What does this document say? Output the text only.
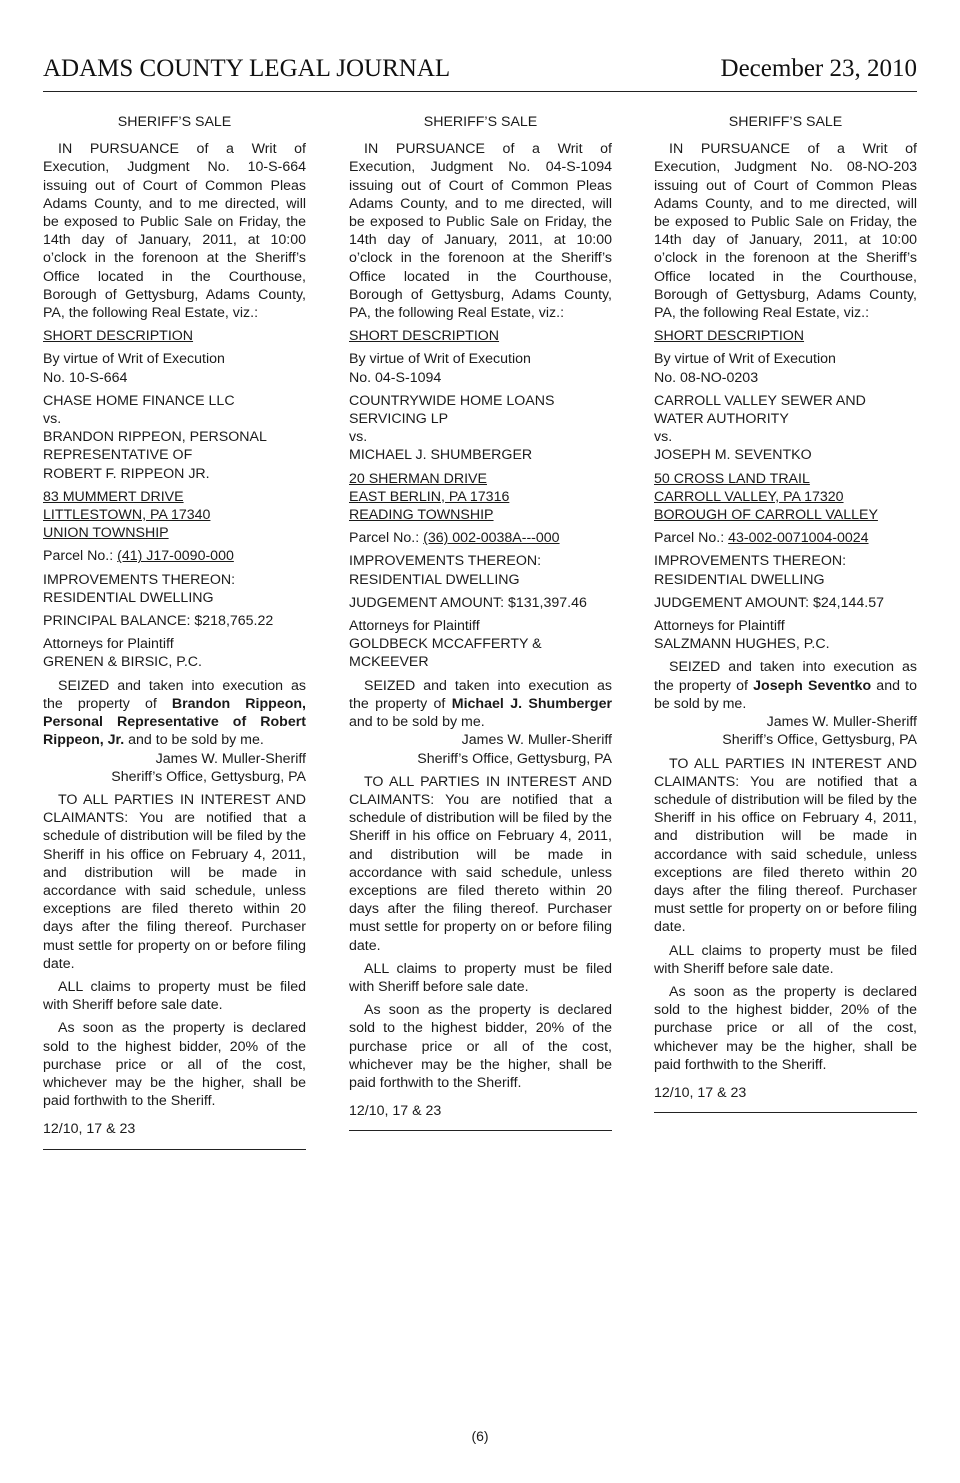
ADAMS COUNTY LEGAL JOURNAL	December 23, 2010

SHERIFF’S SALE

IN PURSUANCE of a Writ of Execution, Judgment No. 10-S-664 issuing out of Court of Common Pleas Adams County, and to me directed, will be exposed to Public Sale on Friday, the 14th day of January, 2011, at 10:00 o’clock in the forenoon at the Sheriff’s Office located in the Courthouse, Borough of Gettysburg, Adams County, PA, the following Real Estate, viz.:

SHORT DESCRIPTION

By virtue of Writ of Execution

No. 10-S-664

CHASE HOME FINANCE LLC

vs.

BRANDON RIPPEON, PERSONAL

REPRESENTATIVE OF

ROBERT F. RIPPEON JR.

83 MUMMERT DRIVE

LITTLESTOWN, PA 17340

UNION TOWNSHIP

Parcel No.: (41) J17-0090-000

IMPROVEMENTS THEREON:

RESIDENTIAL DWELLING

PRINCIPAL BALANCE: $218,765.22

Attorneys for Plaintiff

GRENEN & BIRSIC, P.C.

SEIZED and taken into execution as the property of Brandon Rippeon, Personal Representative of Robert Rippeon, Jr. and to be sold by me.

James W. Muller-Sheriff

Sheriff’s Office, Gettysburg, PA

TO ALL PARTIES IN INTEREST AND CLAIMANTS: You are notified that a schedule of distribution will be filed by the Sheriff in his office on February 4, 2011, and distribution will be made in accordance with said schedule, unless exceptions are filed thereto within 20 days after the filing thereof. Purchaser must settle for property on or before filing date.

ALL claims to property must be filed with Sheriff before sale date.

As soon as the property is declared sold to the highest bidder, 20% of the purchase price or all of the cost, whichever may be the higher, shall be paid forthwith to the Sheriff.

12/10, 17 & 23

SHERIFF’S SALE

IN PURSUANCE of a Writ of Execution, Judgment No. 04-S-1094 issuing out of Court of Common Pleas Adams County, and to me directed, will be exposed to Public Sale on Friday, the 14th day of January, 2011, at 10:00 o’clock in the forenoon at the Sheriff’s Office located in the Courthouse, Borough of Gettysburg, Adams County, PA, the following Real Estate, viz.:

SHORT DESCRIPTION

By virtue of Writ of Execution

No. 04-S-1094

COUNTRYWIDE HOME LOANS

SERVICING LP

vs.

MICHAEL J. SHUMBERGER

20 SHERMAN DRIVE

EAST BERLIN, PA 17316

READING TOWNSHIP

Parcel No.: (36) 002-0038A---000

IMPROVEMENTS THEREON:

RESIDENTIAL DWELLING

JUDGEMENT AMOUNT: $131,397.46

Attorneys for Plaintiff

GOLDBECK MCCAFFERTY &

MCKEEVER

SEIZED and taken into execution as the property of Michael J. Shumberger and to be sold by me.

James W. Muller-Sheriff

Sheriff’s Office, Gettysburg, PA

TO ALL PARTIES IN INTEREST AND CLAIMANTS: You are notified that a schedule of distribution will be filed by the Sheriff in his office on February 4, 2011, and distribution will be made in accordance with said schedule, unless exceptions are filed thereto within 20 days after the filing thereof. Purchaser must settle for property on or before filing date.

ALL claims to property must be filed with Sheriff before sale date.

As soon as the property is declared sold to the highest bidder, 20% of the purchase price or all of the cost, whichever may be the higher, shall be paid forthwith to the Sheriff.

12/10, 17 & 23

SHERIFF’S SALE

IN PURSUANCE of a Writ of Execution, Judgment No. 08-NO-203 issuing out of Court of Common Pleas Adams County, and to me directed, will be exposed to Public Sale on Friday, the 14th day of January, 2011, at 10:00 o’clock in the forenoon at the Sheriff’s Office located in the Courthouse, Borough of Gettysburg, Adams County, PA, the following Real Estate, viz.:

SHORT DESCRIPTION

By virtue of Writ of Execution

No. 08-NO-0203

CARROLL VALLEY SEWER AND

WATER AUTHORITY

vs.

JOSEPH M. SEVENTKO

50 CROSS LAND TRAIL

CARROLL VALLEY, PA 17320

BOROUGH OF CARROLL VALLEY

Parcel No.: 43-002-0071004-0024

IMPROVEMENTS THEREON:

RESIDENTIAL DWELLING

JUDGEMENT AMOUNT: $24,144.57

Attorneys for Plaintiff

SALZMANN HUGHES, P.C.

SEIZED and taken into execution as the property of Joseph Seventko and to be sold by me.

James W. Muller-Sheriff

Sheriff’s Office, Gettysburg, PA

TO ALL PARTIES IN INTEREST AND CLAIMANTS: You are notified that a schedule of distribution will be filed by the Sheriff in his office on February 4, 2011, and distribution will be made in accordance with said schedule, unless exceptions are filed thereto within 20 days after the filing thereof. Purchaser must settle for property on or before filing date.

ALL claims to property must be filed with Sheriff before sale date.

As soon as the property is declared sold to the highest bidder, 20% of the purchase price or all of the cost, whichever may be the higher, shall be paid forthwith to the Sheriff.

12/10, 17 & 23

(6)
